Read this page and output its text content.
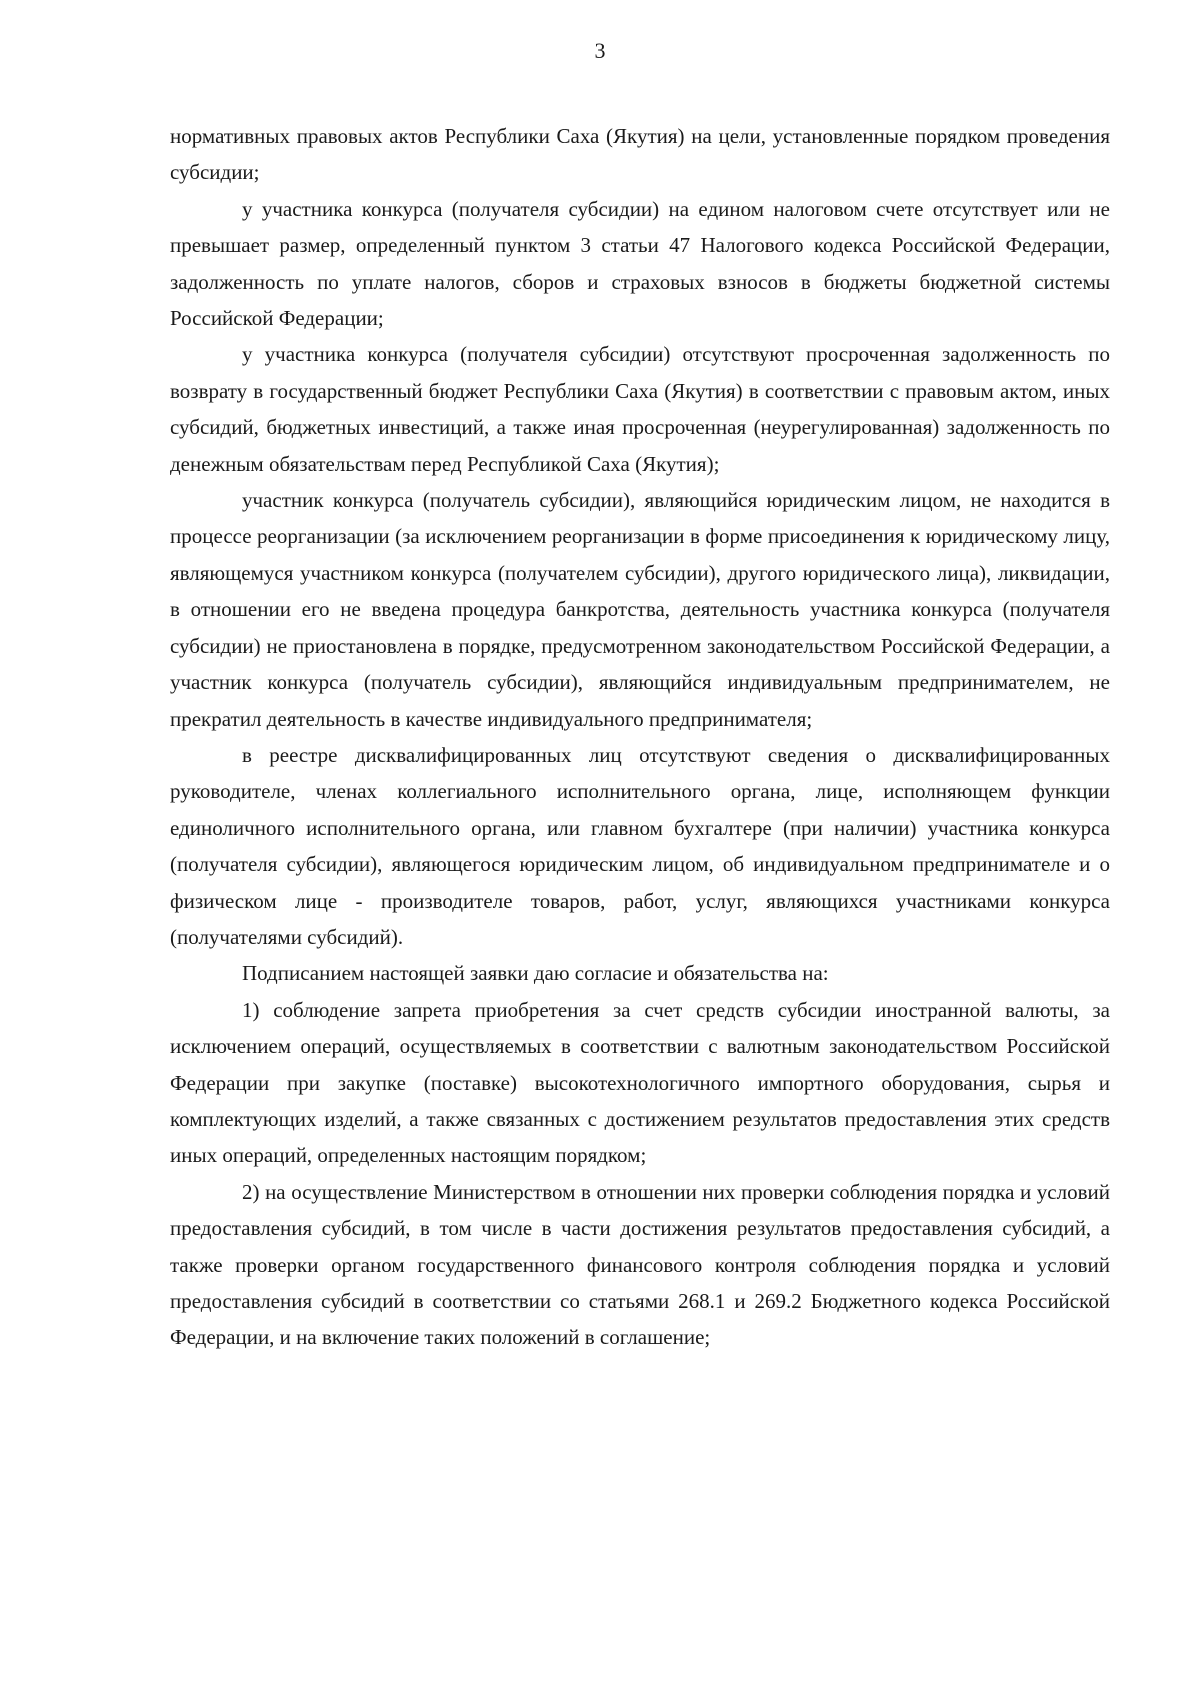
3

нормативных правовых актов Республики Саха (Якутия) на цели, установленные порядком проведения субсидии;

у участника конкурса (получателя субсидии) на едином налоговом счете отсутствует или не превышает размер, определенный пунктом 3 статьи 47 Налогового кодекса Российской Федерации, задолженность по уплате налогов, сборов и страховых взносов в бюджеты бюджетной системы Российской Федерации;

у участника конкурса (получателя субсидии) отсутствуют просроченная задолженность по возврату в государственный бюджет Республики Саха (Якутия) в соответствии с правовым актом, иных субсидий, бюджетных инвестиций, а также иная просроченная (неурегулированная) задолженность по денежным обязательствам перед Республикой Саха (Якутия);

участник конкурса (получатель субсидии), являющийся юридическим лицом, не находится в процессе реорганизации (за исключением реорганизации в форме присоединения к юридическому лицу, являющемуся участником конкурса (получателем субсидии), другого юридического лица), ликвидации, в отношении его не введена процедура банкротства, деятельность участника конкурса (получателя субсидии) не приостановлена в порядке, предусмотренном законодательством Российской Федерации, а участник конкурса (получатель субсидии), являющийся индивидуальным предпринимателем, не прекратил деятельность в качестве индивидуального предпринимателя;

в реестре дисквалифицированных лиц отсутствуют сведения о дисквалифицированных руководителе, членах коллегиального исполнительного органа, лице, исполняющем функции единоличного исполнительного органа, или главном бухгалтере (при наличии) участника конкурса (получателя субсидии), являющегося юридическим лицом, об индивидуальном предпринимателе и о физическом лице - производителе товаров, работ, услуг, являющихся участниками конкурса (получателями субсидий).

Подписанием настоящей заявки даю согласие и обязательства на:

1) соблюдение запрета приобретения за счет средств субсидии иностранной валюты, за исключением операций, осуществляемых в соответствии с валютным законодательством Российской Федерации при закупке (поставке) высокотехнологичного импортного оборудования, сырья и комплектующих изделий, а также связанных с достижением результатов предоставления этих средств иных операций, определенных настоящим порядком;

2) на осуществление Министерством в отношении них проверки соблюдения порядка и условий предоставления субсидий, в том числе в части достижения результатов предоставления субсидий, а также проверки органом государственного финансового контроля соблюдения порядка и условий предоставления субсидий в соответствии со статьями 268.1 и 269.2 Бюджетного кодекса Российской Федерации, и на включение таких положений в соглашение;
